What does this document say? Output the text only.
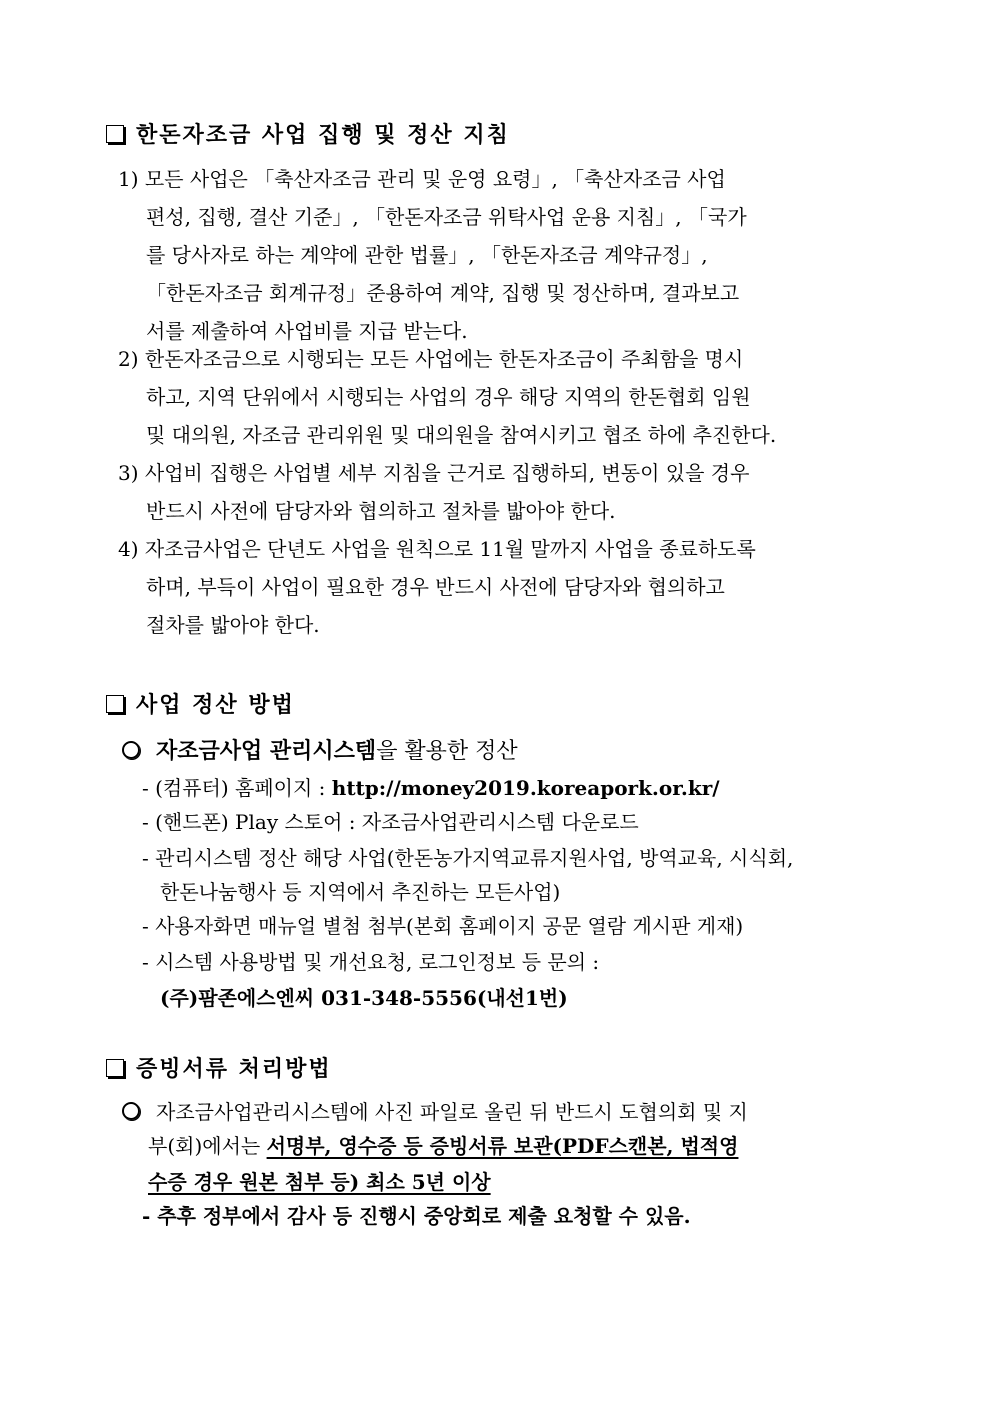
한돈자조금 사업 집행 및 정산 지침
1) 모든 사업은 「축산자조금 관리 및 운영 요령」, 「축산자조금 사업
편성, 집행, 결산 기준」, 「한돈자조금 위탁사업 운용 지침」, 「국가
를 당사자로 하는 계약에 관한 법률」, 「한돈자조금 계약규정」,
「한돈자조금 회계규정」준용하여 계약, 집행 및 정산하며, 결과보고
서를 제출하여 사업비를 지급 받는다.
2) 한돈자조금으로 시행되는 모든 사업에는 한돈자조금이 주최함을 명시
하고, 지역 단위에서 시행되는 사업의 경우 해당 지역의 한돈협회 임원
및 대의원, 자조금 관리위원 및 대의원을 참여시키고 협조 하에 추진한다.
3) 사업비 집행은 사업별 세부 지침을 근거로 집행하되, 변동이 있을 경우
반드시 사전에 담당자와 협의하고 절차를 밟아야 한다.
4) 자조금사업은 단년도 사업을 원칙으로 11월 말까지 사업을 종료하도록
하며, 부득이 사업이 필요한 경우 반드시 사전에 담당자와 협의하고
절차를 밟아야 한다.
사업 정산 방법
자조금사업 관리시스템 을 활용한 정산
- (컴퓨터) 홈페이지 : http://money2019.koreapork.or.kr/
- (핸드폰) Play 스토어 : 자조금사업관리시스템 다운로드
- 관리시스템 정산 해당 사업(한돈농가지역교류지원사업, 방역교육, 시식회,
한돈나눔행사 등 지역에서 추진하는 모든사업)
- 사용자화면 매뉴얼 별첨 첨부(본회 홈페이지 공문 열람 게시판 게재)
- 시스템 사용방법 및 개선요청, 로그인정보 등 문의 :
(주)팜존에스엔씨 031-348-5556(내선1번)
증빙서류 처리방법
자조금사업관리시스템에 사진 파일로 올린 뒤 반드시 도협의회 및 지
부(회)에서는 서명부, 영수증 등 증빙서류 보관(PDF스캔본, 법적영
수증 경우 원본 첨부 등) 최소 5년 이상
- 추후 정부에서 감사 등 진행시 중앙회로 제출 요청할 수 있음.
